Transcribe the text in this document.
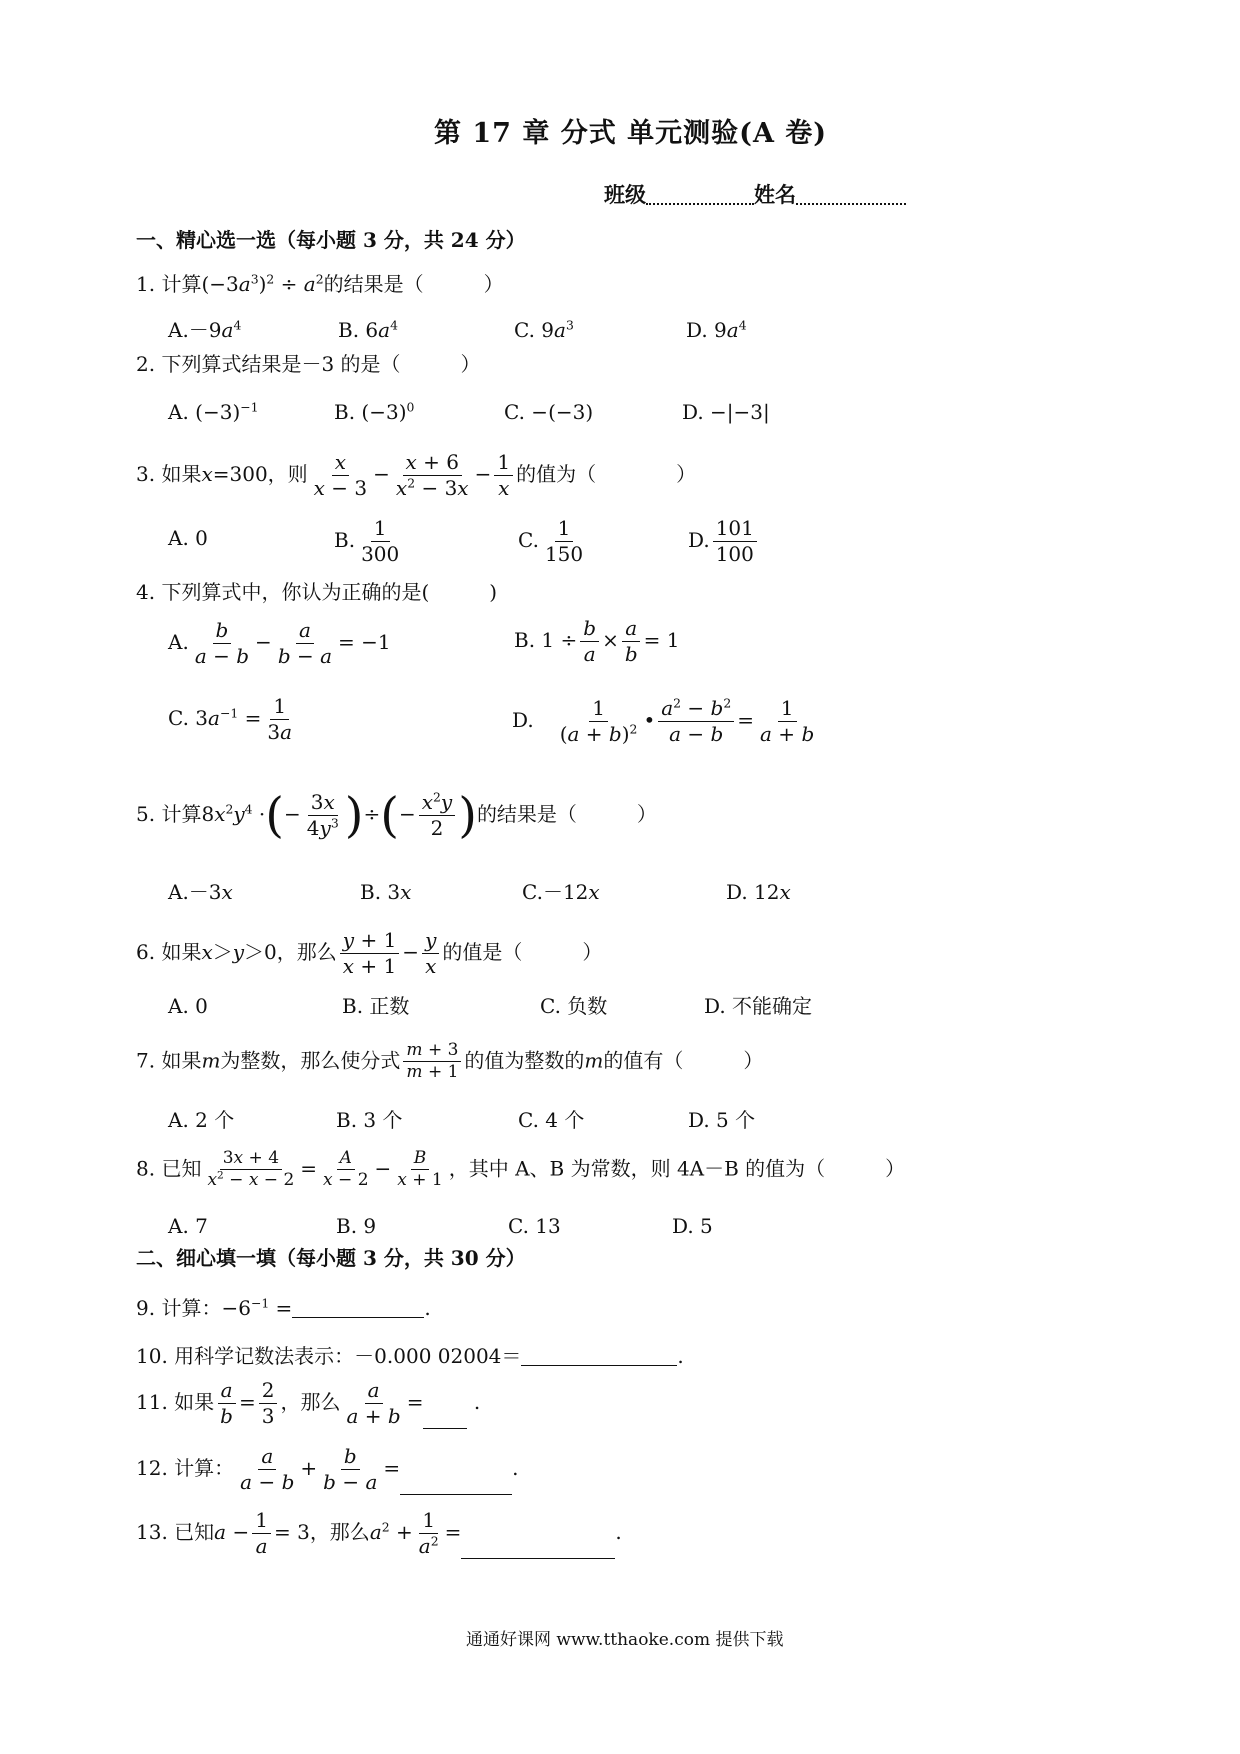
第 17 章 分式 单元测验(A 卷)
班级	姓名
一、精心选一选（每小题 3 分，共 24 分）
1. 计算$(-3a^3)^2 \div a^2$的结果是（　　　）
$A.-9a^4$	B. $6a^4$	C. $9a^3$	D. $9a^4$
2. 下列算式结果是－3 的是（　　　）
A. $(-3)^{-1}$	B. $(-3)^0$	C. −(−3)	D. −|−3|
3. 如果x=300，则 $\frac{x}{x - 3} - \frac{x + 6}{x^2 - 3x} - \frac{1}{x}$ 的值为（　　　　）
A. 0	B. $\frac{1}{300}$	C. $\frac{1}{150}$	D. $\frac{101}{100}$
4. 下列算式中，你认为正确的是(　　　)
A. $\frac{b}{a - b} - \frac{a}{b - a} = -1$	B. $1 \div \frac{b}{a} \times \frac{a}{b} = 1$
C. $3a^{-1} = \frac{1}{3a}$	D.　 $\frac{1}{(a + b)^2}$ • $\frac{a^2 - b^2}{a - b} = \frac{1}{a + b}$
5. 计算$8x^2y^4$ ·(− $\frac{3x}{4y^3}$ )÷(− $\frac{x^2y}{2}$ )的结果是（　　　）
A.－3x	B. 3x	C.－12x	D. 12x
6. 如果x＞y＞0，那么 $\frac{y + 1}{x + 1} - \frac{y}{x}$ 的值是（　　　）
A. 0	B. 正数	C. 负数	D. 不能确定
7. 如果m为整数，那么使分式 $\frac{m + 3}{m + 1}$ 的值为整数的m的值有（　　　）
A. 2 个	B. 3 个	C. 4 个	D. 5 个
8. 已知 $\frac{3x + 4}{x^2 - x - 2} = \frac{A}{x - 2} - \frac{B}{x + 1}$ ，其中 A、B 为常数，则 4A－B 的值为（　　　）
A. 7	B. 9	C. 13	D. 5
二、细心填一填（每小题 3 分，共 30 分）
9. 计算：$-6^{-1}$ =	.
10. 用科学记数法表示：－0.000 02004＝	.
11. 如果 $\frac{a}{b} = \frac{2}{3}$ ，那么 $\frac{a}{a + b}$ =	.
12. 计算： $\frac{a}{a - b} + \frac{b}{b - a}$ =	.
13. 已知$a - \frac{1}{a} = 3$，那么$a^2 + \frac{1}{a^2}$ =	.
通通好课网 www.tthaoke.com 提供下载
